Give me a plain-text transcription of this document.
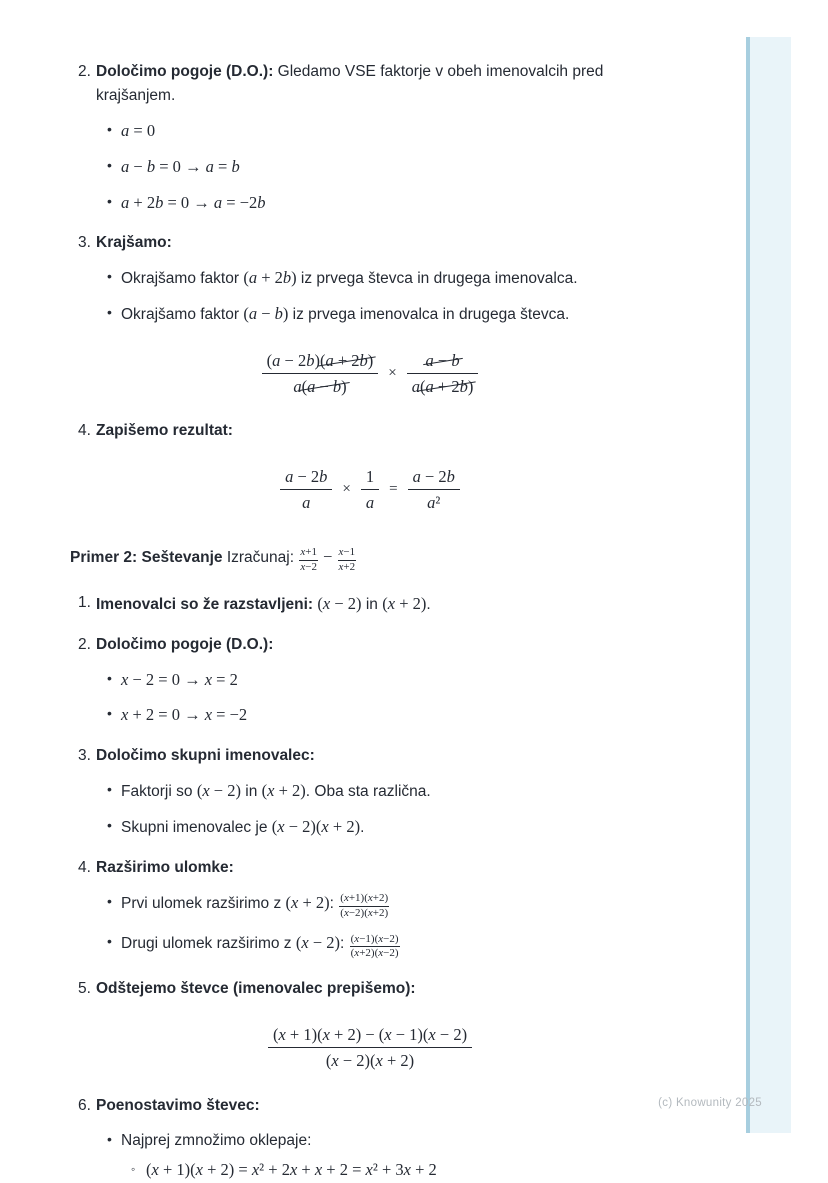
2. Določimo pogoje (D.O.): Gledamo VSE faktorje v obeh imenovalcih pred krajšanjem.
• a = 0
• a − b = 0 → a = b
• a + 2b = 0 → a = −2b
3. Krajšamo:
• Okrajšamo faktor (a + 2b) iz prvega števca in drugega imenovalca.
• Okrajšamo faktor (a − b) iz prvega imenovalca in drugega števca.
$\frac{(a - 2b)(a + 2b)}{a(a - b)} \times \frac{a - b}{a(a + 2b)}$
4. Zapišemo rezultat:
$\frac{a - 2b}{a} \times \frac{1}{a} = \frac{a - 2b}{\text{a²}}$
Primer 2: Seštevanje Izračunaj: $\frac{x+1}{x-2} - \frac{x-1}{x+2}$
1. Imenovalci so že razstavljeni: (x − 2) in (x + 2).
2. Določimo pogoje (D.O.):
• x − 2 = 0 → x = 2
• x + 2 = 0 → x = −2
3. Določimo skupni imenovalec:
• Faktorji so (x − 2) in (x + 2). Oba sta različna.
• Skupni imenovalec je (x − 2)(x + 2).
4. Razširimo ulomke:
• Prvi ulomek razširimo z (x + 2): $\frac{(x+1)(x+2)}{(x-2)(x+2)}$
• Drugi ulomek razširimo z (x − 2): $\frac{(x-1)(x-2)}{(x+2)(x-2)}$
5. Odštejemo števce (imenovalec prepišemo):
$\frac{(x + 1)(x + 2) - (x - 1)(x - 2)}{(x - 2)(x + 2)}$
6. Poenostavimo števec:
• Najprej zmnožimo oklepaje:
◦ (x + 1)(x + 2) = x² + 2x + x + 2 = x² + 3x + 2
(c) Knowunity 2025
